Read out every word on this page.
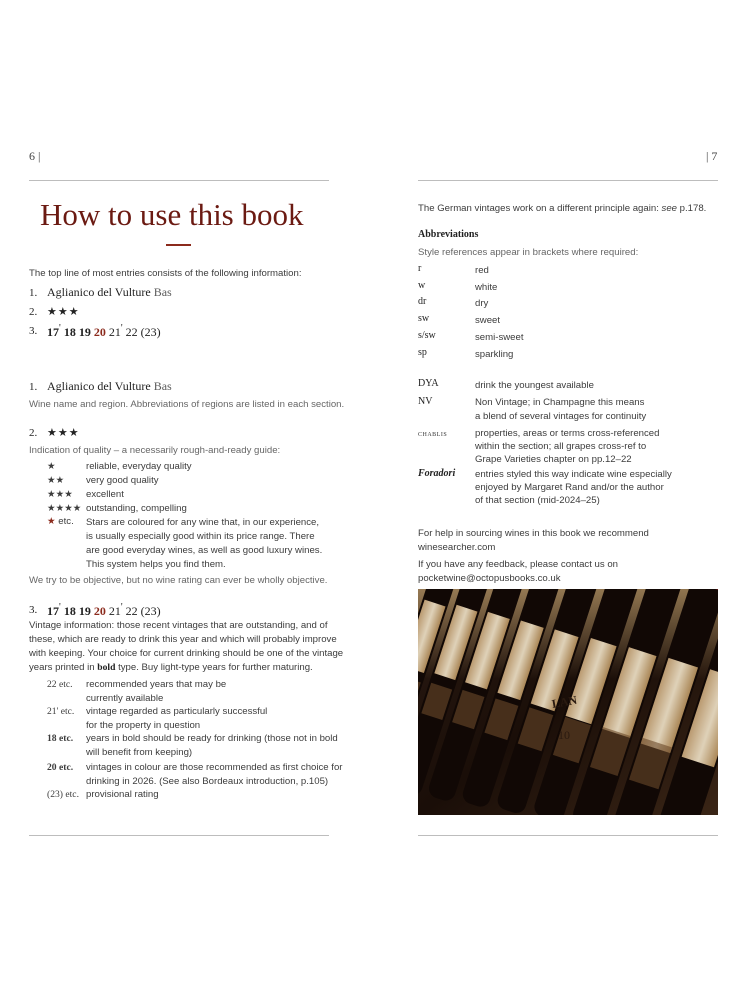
6 |
How to use this book
The top line of most entries consists of the following information:
1. Aglianico del Vulture Bas
2. ★★★
3. 17' 18 19 20 21' 22 (23)
1. Aglianico del Vulture Bas
Wine name and region. Abbreviations of regions are listed in each section.
2. ★★★
Indication of quality – a necessarily rough-and-ready guide:
★	reliable, everyday quality
★★ very good quality
★★★ excellent
★★★★ outstanding, compelling
★ etc. Stars are coloured for any wine that, in our experience,
is usually especially good within its price range. There
are good everyday wines, as well as good luxury wines.
This system helps you find them.
We try to be objective, but no wine rating can ever be wholly objective.
3. 17' 18 19 20 21' 22 (23)
Vintage information: those recent vintages that are outstanding, and of
these, which are ready to drink this year and which will probably improve
with keeping. Your choice for current drinking should be one of the vintage
years printed in bold type. Buy light-type years for further maturing.
22 etc. recommended years that may be
currently available
21' etc. vintage regarded as particularly successful
for the property in question
18 etc. years in bold should be ready for drinking (those not in bold
will benefit from keeping)
20 etc. vintages in colour are those recommended as first choice for
drinking in 2026. (See also Bordeaux introduction, p.105)
(23) etc. provisional rating
| 7
The German vintages work on a different principle again: see p.178.
Abbreviations
Style references appear in brackets where required:
r	red
w	white
dr	dry
sw	sweet
s/sw	semi-sweet
sp	sparkling
DYA	drink the youngest available
NV	Non Vintage; in Champagne this means
a blend of several vintages for continuity
chablis	properties, areas or terms cross-referenced
within the section; all grapes cross-ref to
Grape Varieties chapter on pp.12–22
Foradori entries styled this way indicate wine especially
enjoyed by Margaret Rand and/or the author
of that section (mid-2024–25)
For help in sourcing wines in this book we recommend
winesearcher.com
If you have any feedback, please contact us on
pocketwine@octopusbooks.co.uk
LAN
10
